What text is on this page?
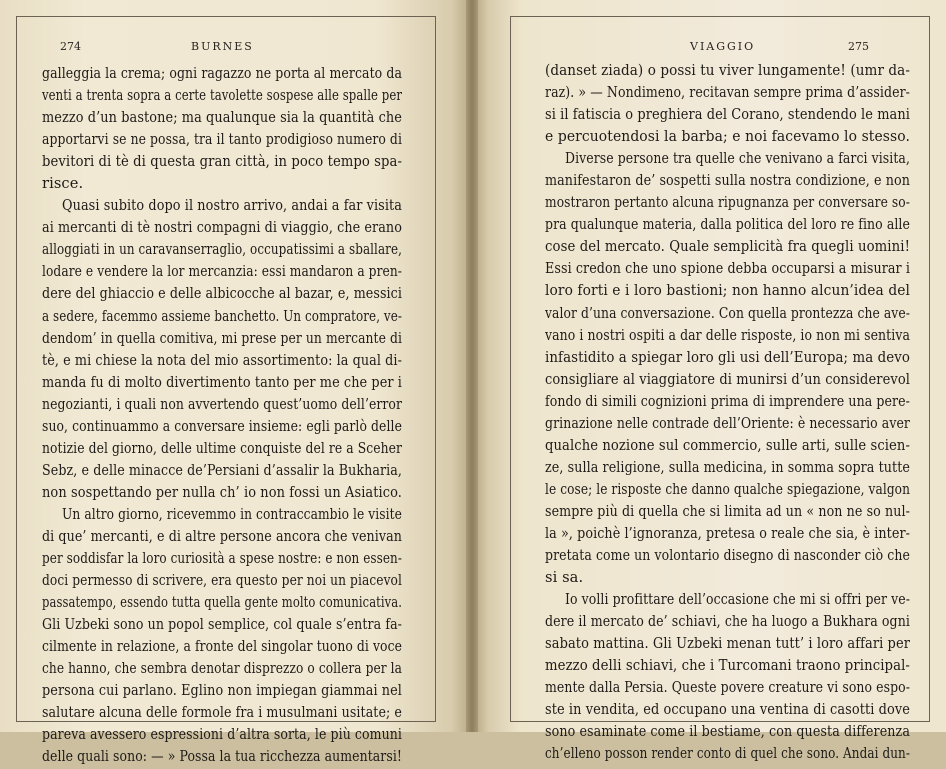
274	BURNES	VIAGGIO	275
galleggia la crema; ogni ragazzo ne porta al mercato da
venti a trenta sopra a certe tavolette sospese alle spalle per
mezzo d’un bastone; ma qualunque sia la quantità che
apportarvi se ne possa, tra il tanto prodigioso numero di
bevitori di tè di questa gran città, in poco tempo spa-
risce.
Quasi subito dopo il nostro arrivo, andai a far visita
ai mercanti di tè nostri compagni di viaggio, che erano
alloggiati in un caravanserraglio, occupatissimi a sballare,
lodare e vendere la lor mercanzia: essi mandaron a pren-
dere del ghiaccio e delle albicocche al bazar, e, messici
a sedere, facemmo assieme banchetto. Un compratore, ve-
dendom’ in quella comitiva, mi prese per un mercante di
tè, e mi chiese la nota del mio assortimento: la qual di-
manda fu di molto divertimento tanto per me che per i
negozianti, i quali non avvertendo quest’uomo dell’error
suo, continuammo a conversare insieme: egli parlò delle
notizie del giorno, delle ultime conquiste del re a Sceher
Sebz, e delle minacce de’Persiani d’assalir la Bukharia,
non sospettando per nulla ch’ io non fossi un Asiatico.
Un altro giorno, ricevemmo in contraccambio le visite
di que’ mercanti, e di altre persone ancora che venivan
per soddisfar la loro curiosità a spese nostre: e non essen-
doci permesso di scrivere, era questo per noi un piacevol
passatempo, essendo tutta quella gente molto comunicativa.
Gli Uzbeki sono un popol semplice, col quale s’entra fa-
cilmente in relazione, a fronte del singolar tuono di voce
che hanno, che sembra denotar disprezzo o collera per la
persona cui parlano. Eglino non impiegan giammai nel
salutare alcuna delle formole fra i musulmani usitate; e
pareva avessero espressioni d’altra sorta, le più comuni
delle quali sono: — » Possa la tua ricchezza aumentarsi!
(danset ziada) o possi tu viver lungamente! (umr da-
raz). » — Nondimeno, recitavan sempre prima d’assider-
si il fatiscia o preghiera del Corano, stendendo le mani
e percuotendosi la barba; e noi facevamo lo stesso.
Diverse persone tra quelle che venivano a farci visita,
manifestaron de’ sospetti sulla nostra condizione, e non
mostraron pertanto alcuna ripugnanza per conversare so-
pra qualunque materia, dalla politica del loro re fino alle
cose del mercato. Quale semplicità fra quegli uomini!
Essi credon che uno spione debba occuparsi a misurar i
loro forti e i loro bastioni; non hanno alcun’idea del
valor d’una conversazione. Con quella prontezza che ave-
vano i nostri ospiti a dar delle risposte, io non mi sentiva
infastidito a spiegar loro gli usi dell’Europa; ma devo
consigliare al viaggiatore di munirsi d’un considerevol
fondo di simili cognizioni prima di imprendere una pere-
grinazione nelle contrade dell’Oriente: è necessario aver
qualche nozione sul commercio, sulle arti, sulle scien-
ze, sulla religione, sulla medicina, in somma sopra tutte
le cose; le risposte che danno qualche spiegazione, valgon
sempre più di quella che si limita ad un « non ne so nul-
la », poichè l’ignoranza, pretesa o reale che sia, è inter-
pretata come un volontario disegno di nasconder ciò che
si sa.
Io volli profittare dell’occasione che mi si offri per ve-
dere il mercato de’ schiavi, che ha luogo a Bukhara ogni
sabato mattina. Gli Uzbeki menan tutt’ i loro affari per
mezzo delli schiavi, che i Turcomani traono principal-
mente dalla Persia. Queste povere creature vi sono espo-
ste in vendita, ed occupano una ventina di casotti dove
sono esaminate come il bestiame, con questa differenza
ch’elleno posson render conto di quel che sono. Andai dun-
